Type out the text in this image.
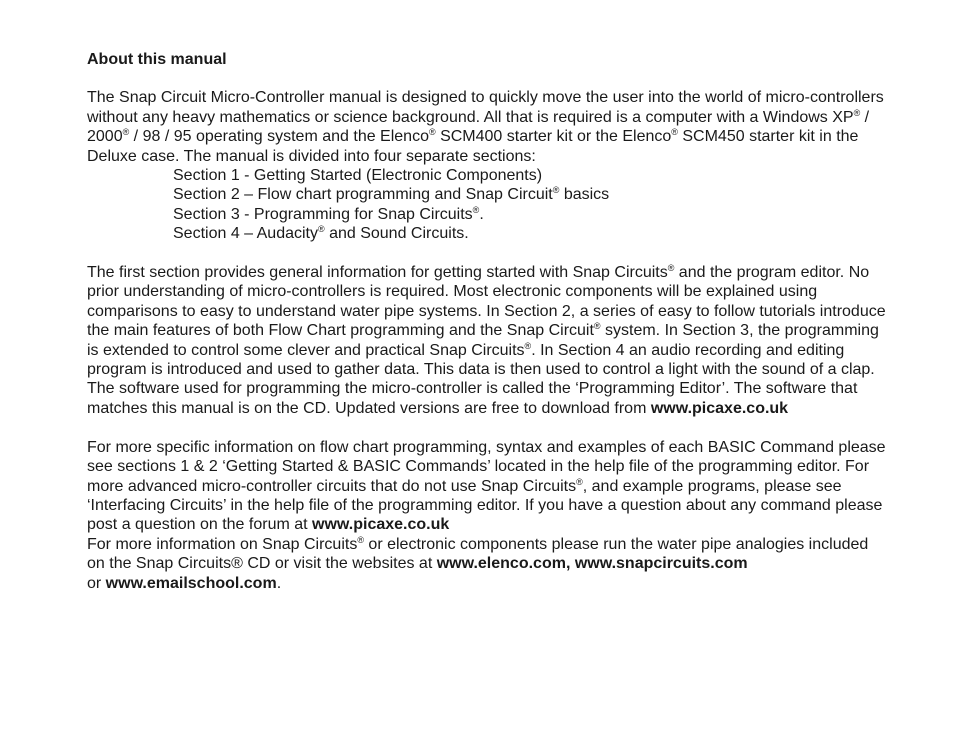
About this manual

The Snap Circuit Micro-Controller manual is designed to quickly move the user into the world of micro-controllers without any heavy mathematics or science background. All that is required is a computer with a Windows XP® / 2000® / 98 / 95 operating system and the Elenco® SCM400 starter kit or the Elenco® SCM450 starter kit in the Deluxe case. The manual is divided into four separate sections:

Section 1 - Getting Started (Electronic Components)
Section 2 – Flow chart programming and Snap Circuit® basics
Section 3 - Programming for Snap Circuits®.
Section 4 – Audacity® and Sound Circuits.

The first section provides general information for getting started with Snap Circuits® and the program editor. No prior understanding of micro-controllers is required. Most electronic components will be explained using comparisons to easy to understand water pipe systems. In Section 2, a series of easy to follow tutorials introduce the main features of both Flow Chart programming and the Snap Circuit® system. In Section 3, the programming is extended to control some clever and practical Snap Circuits®. In Section 4 an audio recording and editing program is introduced and used to gather data. This data is then used to control a light with the sound of a clap. The software used for programming the micro-controller is called the ‘Programming Editor’. The software that matches this manual is on the CD. Updated versions are free to download from www.picaxe.co.uk

For more specific information on flow chart programming, syntax and examples of each BASIC Command please see sections 1 & 2 ‘Getting Started & BASIC Commands’ located in the help file of the programming editor. For more advanced micro-controller circuits that do not use Snap Circuits®, and example programs, please see ‘Interfacing Circuits’ in the help file of the programming editor. If you have a question about any command please post a question on the forum at www.picaxe.co.uk

For more information on Snap Circuits® or electronic components please run the water pipe analogies included on the Snap Circuits® CD or visit the websites at www.elenco.com, www.snapcircuits.com
or www.emailschool.com.
